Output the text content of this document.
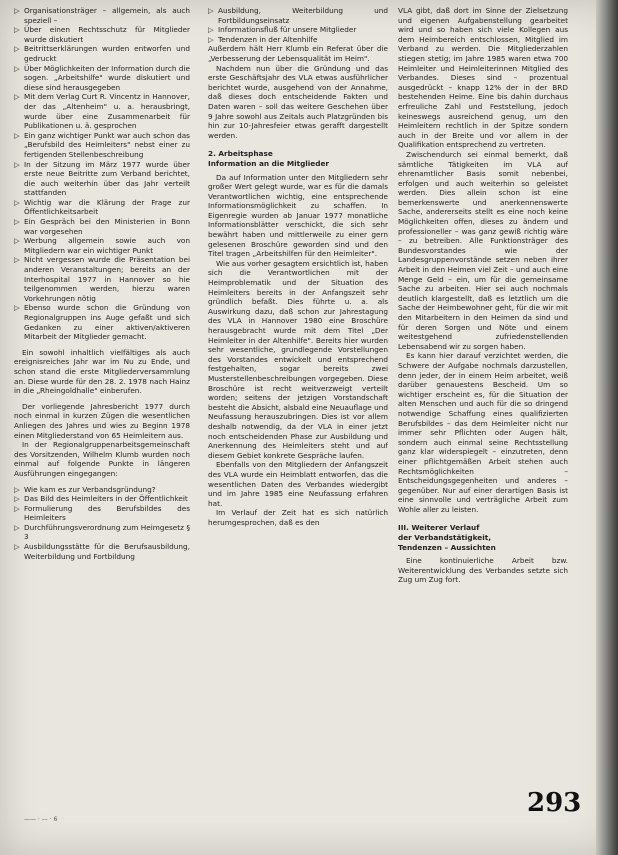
▷ Organisationsträger – allgemein, als auch speziell –

▷ Über einen Rechtsschutz für Mitglieder wurde diskutiert

▷ Beitrittserklärungen wurden entworfen und gedruckt

▷ Über Möglichkeiten der Information durch die sogen. „Arbeitshilfe" wurde diskutiert und diese sind herausgegeben

▷ Mit dem Verlag Curt R. Vincentz in Hannover, der das „Altenheim" u. a. herausbringt, wurde über eine Zusammenarbeit für Publikationen u. ä. gesprochen

▷ Ein ganz wichtiger Punkt war auch schon das „Berufsbild des Heimleiters" nebst einer zu fertigenden Stellenbeschreibung

▷ In der Sitzung im März 1977 wurde über erste neue Beitritte zum Verband berichtet, die auch weiterhin über das Jahr verteilt stattfanden

▷ Wichtig war die Klärung der Frage zur Öffentlichkeitsarbeit

▷ Ein Gespräch bei den Ministerien in Bonn war vorgesehen

▷ Werbung allgemein sowie auch von Mitgliedern war ein wichtiger Punkt

▷ Nicht vergessen wurde die Präsentation bei anderen Veranstaltungen; bereits an der Interhospital 1977 in Hannover so hie teilgenommen werden, hierzu waren Vorkehrungen nötig

▷ Ebenso wurde schon die Gründung von Regionalgruppen ins Auge gefaßt und sich Gedanken zu einer aktiven/aktiveren Mitarbeit der Mitglieder gemacht.

Ein sowohl inhaltlich vielfältiges als auch ereignisreiches Jahr war im Nu zu Ende, und schon stand die erste Mitgliederversammlung an. Diese wurde für den 28. 2. 1978 nach Hainz in die „Rheingoldhalle" einberufen.

Der vorliegende Jahresbericht 1977 durch noch einmal in kurzen Zügen die wesentlichen Anliegen des Jahres und wies zu Beginn 1978 einen Mitgliederstand von 65 Heimleitern aus.

In der Regionalgruppenarbeitsgemeinschaft des Vorsitzenden, Wilhelm Klumb wurden noch einmal auf folgende Punkte in längeren Ausführungen eingegangen:

▷ Wie kam es zur Verbandsgründung?

▷ Das Bild des Heimleiters in der Öffentlichkeit

▷ Formulierung des Berufsbildes des Heimleiters

▷ Durchführungsverordnung zum Heimgesetz § 3

▷ Ausbildungsstätte für die Berufsausbildung, Weiterbildung und Fortbildung

▷ Ausbildung, Weiterbildung und Fortbildungseinsatz

▷ Informationsfluß für unsere Mitglieder

▷ Tendenzen in der Altenhilfe

Außerdem hält Herr Klumb ein Referat über die „Verbesserung der Lebensqualität im Heim".

Nachdem nun über die Gründung und das erste Geschäftsjahr des VLA etwas ausführlicher berichtet wurde, ausgehend von der Annahme, daß dieses doch entscheidende Fakten und Daten waren – soll das weitere Geschehen über 9 Jahre sowohl aus Zeitals auch Platzgründen bis hin zur 10-Jahresfeier etwas gerafft dargestellt werden.

2. Arbeitsphase
Information an die Mitglieder

Da auf Information unter den Mitgliedern sehr großer Wert gelegt wurde, war es für die damals Verantwortlichen wichtig, eine entsprechende Informationsmöglichkeit zu schaffen. In Eigenregie wurden ab Januar 1977 monatliche Informationsblätter verschickt, die sich sehr bewährt haben und mittlerweile zu einer gern gelesenen Broschüre geworden sind und den Titel tragen „Arbeitshilfen für den Heimleiter".

Wie aus vorher gesagtem ersichtlich ist, haben sich die Verantwortlichen mit der Heimproblematik und der Situation des Heimleiters bereits in der Anfangszeit sehr gründlich befaßt. Dies führte u. a. als Auswirkung dazu, daß schon zur Jahrestagung des VLA in Hannover 1980 eine Broschüre herausgebracht wurde mit dem Titel „Der Heimleiter in der Altenhilfe". Bereits hier wurden sehr wesentliche, grundlegende Vorstellungen des Vorstandes entwickelt und entsprechend festgehalten, sogar bereits zwei Musterstellenbeschreibungen vorgegeben. Diese Broschüre ist recht weitverzweigt verteilt worden; seitens der jetzigen Vorstandschaft besteht die Absicht, alsbald eine Neuauflage und Neufassung herauszubringen. Dies ist vor allem deshalb notwendig, da der VLA in einer jetzt noch entscheidenden Phase zur Ausbildung und Anerkennung des Heimleiters steht und auf diesem Gebiet konkrete Gespräche laufen.

Ebenfalls von den Mitgliedern der Anfangszeit des VLA wurde ein Heimblatt entworfen, das die wesentlichen Daten des Verbandes wiedergibt und im Jahre 1985 eine Neufassung erfahren hat.

Im Verlauf der Zeit hat es sich natürlich herumgesprochen, daß es den

VLA gibt, daß dort im Sinne der Zielsetzung und eigenen Aufgabenstellung gearbeitet wird und so haben sich viele Kollegen aus dem Heimbereich entschlossen, Mitglied im Verband zu werden. Die Mitgliederzahlen stiegen stetig; im Jahre 1985 waren etwa 700 Heimleiter und Heimleiterinnen Mitglied des Verbandes. Dieses sind – prozentual ausgedrückt – knapp 12% der in der BRD bestehenden Heime. Eine bis dahin durchaus erfreuliche Zahl und Feststellung, jedoch keineswegs ausreichend genug, um den Heimleitern rechtlich in der Spitze sondern auch in der Breite und vor allem in der Qualifikation entsprechend zu vertreten.

Zwischendurch sei einmal bemerkt, daß sämtliche Tätigkeiten im VLA auf ehrenamtlicher Basis somit nebenbei, erfolgen und auch weiterhin so geleistet werden. Dies allein schon ist eine bemerkenswerte und anerkennenswerte Sache, andererseits stellt es eine noch keine Möglichkeiten offen, dieses zu ändern und professioneller – was ganz gewiß richtig wäre – zu betreiben. Alle Funktionsträger des Bundesvorstandes wie der Landesgruppenvorstände setzen neben ihrer Arbeit in den Heimen viel Zeit – und auch eine Menge Geld – ein, um für die gemeinsame Sache zu arbeiten. Hier sei auch nochmals deutlich klargestellt, daß es letztlich um die Sache der Heimbewohner geht, für die wir mit den Mitarbeitern in den Heimen da sind und für deren Sorgen und Nöte und einem weitestgehend zufriedenstellenden Lebensabend wir zu sorgen haben.

Es kann hier darauf verzichtet werden, die Schwere der Aufgabe nochmals darzustellen, denn jeder, der in einem Heim arbeitet, weiß darüber genauestens Bescheid. Um so wichtiger erscheint es, für die Situation der alten Menschen und auch für die so dringend notwendige Schaffung eines qualifizierten Berufsbildes – das dem Heimleiter nicht nur immer sehr Pflichten oder Augen hält, sondern auch einmal seine Rechtsstellung ganz klar widerspiegelt – einzutreten, denn einer pflichtgemäßen Arbeit stehen auch Rechtsmöglichkeiten – Entscheidungsgegenheiten und anderes – gegenüber. Nur auf einer derartigen Basis ist eine sinnvolle und verträgliche Arbeit zum Wohle aller zu leisten.

III. Weiterer Verlauf
der Verbandstätigkeit,
Tendenzen – Aussichten

Eine kontinuierliche Arbeit bzw. Weiterentwicklung des Verbandes setzte sich Zug um Zug fort.

293
—— · –– · 6
